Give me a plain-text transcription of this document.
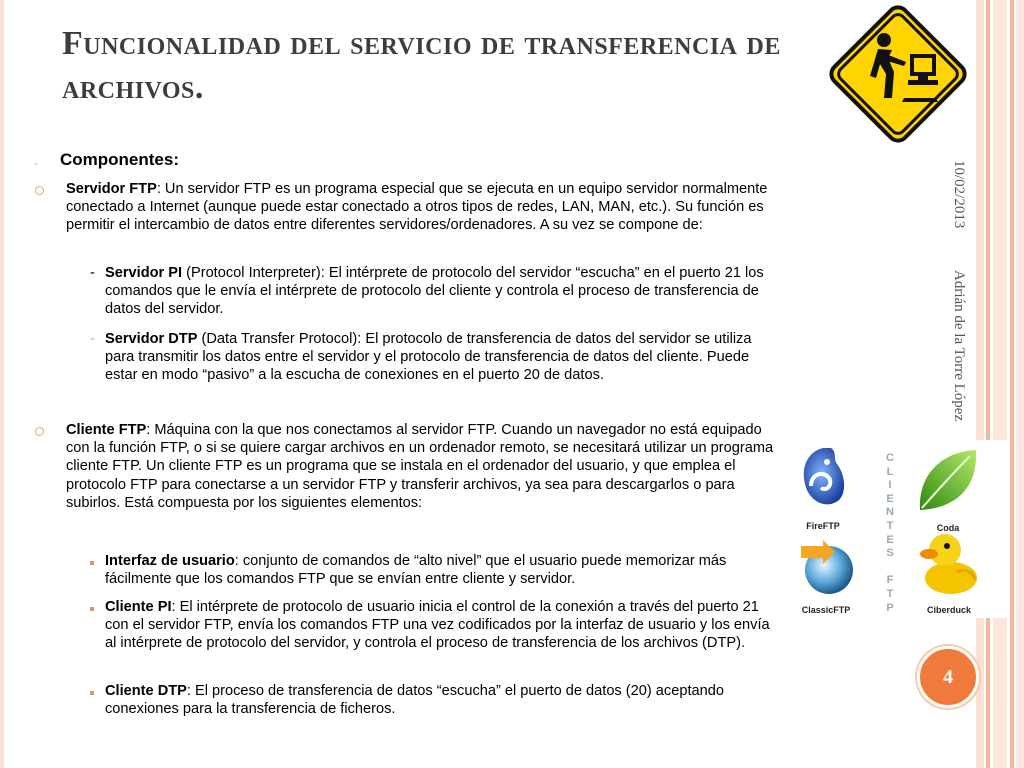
Funcionalidad del servicio de transferencia de archivos.
- Componentes:
Servidor FTP: Un servidor FTP es un programa especial que se ejecuta en un equipo servidor normalmente conectado a Internet (aunque puede estar conectado a otros tipos de redes, LAN, MAN, etc.). Su función es permitir el intercambio de datos entre diferentes servidores/ordenadores. A su vez se compone de:
- Servidor PI (Protocol Interpreter): El intérprete de protocolo del servidor “escucha” en el puerto 21 los comandos que le envía el intérprete de protocolo del cliente y controla el proceso de transferencia de datos del servidor.
- Servidor DTP (Data Transfer Protocol): El protocolo de transferencia de datos del servidor se utiliza para transmitir los datos entre el servidor y el protocolo de transferencia de datos del cliente. Puede estar en modo “pasivo” a la escucha de conexiones en el puerto 20 de datos.
Cliente FTP: Máquina con la que nos conectamos al servidor FTP. Cuando un navegador no está equipado con la función FTP, o si se quiere cargar archivos en un ordenador remoto, se necesitará utilizar un programa cliente FTP. Un cliente FTP es un programa que se instala en el ordenador del usuario, y que emplea el protocolo FTP para conectarse a un servidor FTP y transferir archivos, ya sea para descargarlos o para subirlos. Está compuesta por los siguientes elementos:
Interfaz de usuario: conjunto de comandos de “alto nivel” que el usuario puede memorizar más fácilmente que los comandos FTP que se envían entre cliente y servidor.
Cliente PI: El intérprete de protocolo de usuario inicia el control de la conexión a través del puerto 21 con el servidor FTP, envía los comandos FTP una vez codificados por la interfaz de usuario y los envía al intérprete de protocolo del servidor, y controla el proceso de transferencia de los archivos (DTP).
Cliente DTP: El proceso de transferencia de datos “escucha” el puerto de datos (20) aceptando conexiones para la transferencia de ficheros.
10/02/2013
Adrián de la Torre López
FireFTP
C
L
I
E
N
T
E
S

F
T
P
Coda
ClassicFTP	Ciberduck
4
